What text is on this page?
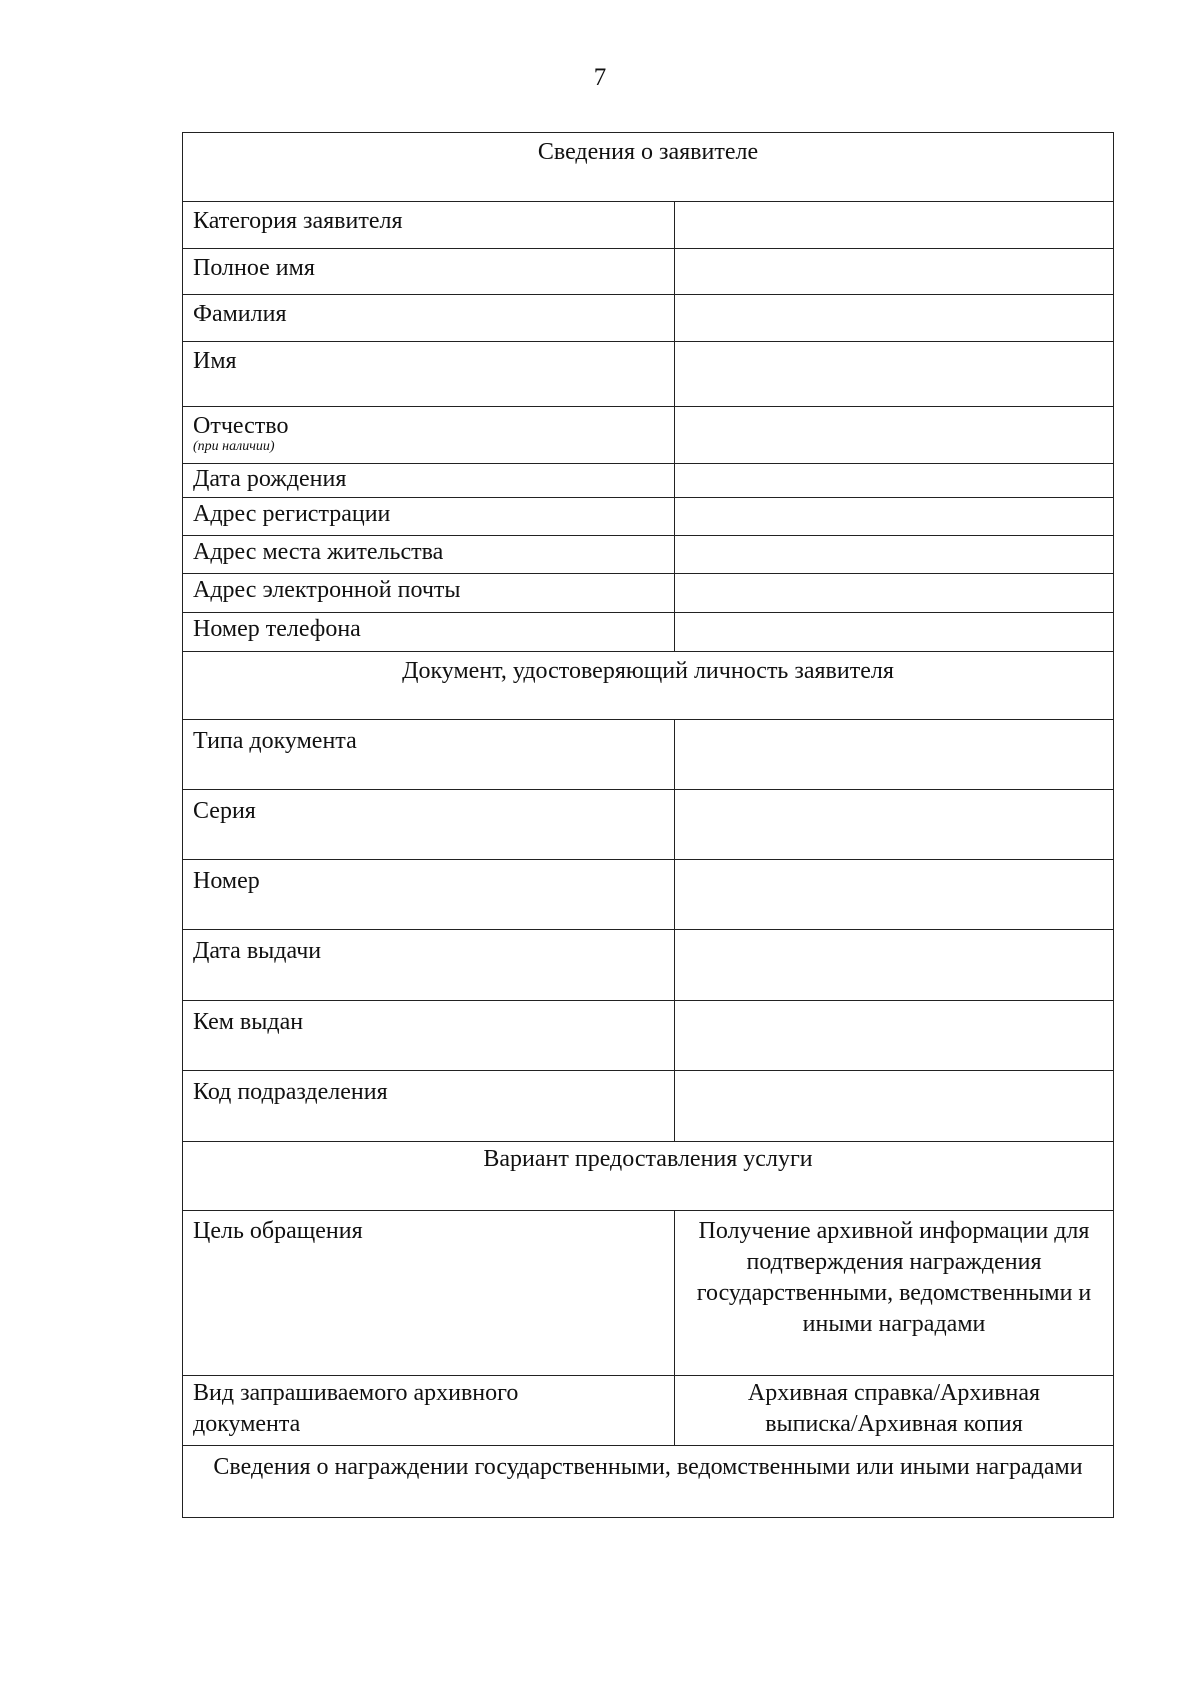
7
Сведения о заявителе
Категория заявителя
Полное имя
Фамилия
Имя
Отчество
(при наличии)
Дата рождения
Адрес регистрации
Адрес места жительства
Адрес электронной почты
Номер телефона
Документ, удостоверяющий личность заявителя
Типа документа
Серия
Номер
Дата выдачи
Кем выдан
Код подразделения
Вариант предоставления услуги
Цель обращения	Получение архивной информации для подтверждения награждения государственными, ведомственными и иными наградами
Вид запрашиваемого архивного документа
Архивная справка/Архивная выписка/Архивная копия
Сведения о награждении государственными, ведомственными или иными наградами
